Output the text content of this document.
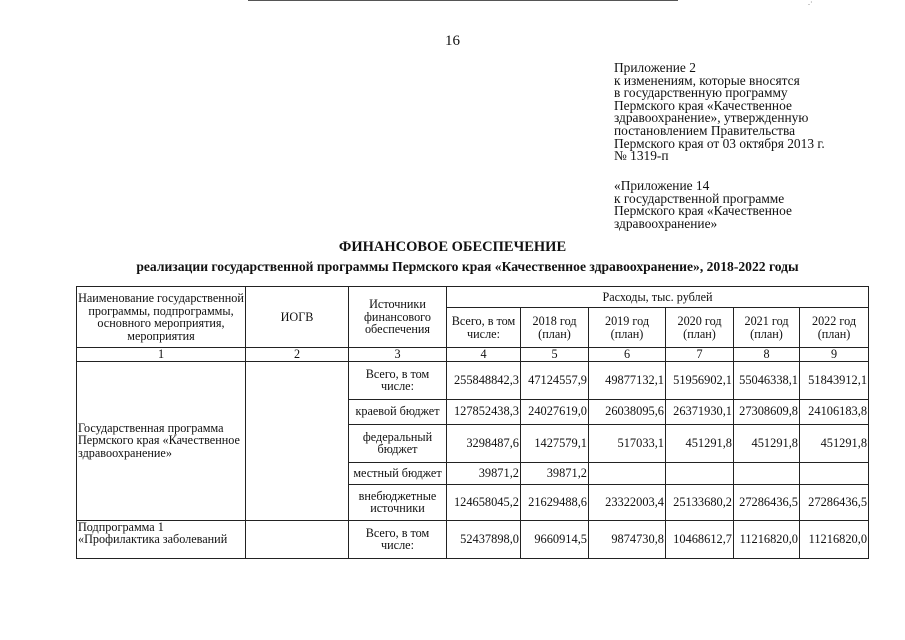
.·
16
Приложение 2
к изменениям, которые вносятся
в государственную программу
Пермского края «Качественное
здравоохранение», утвержденную
постановлением Правительства
Пермского края от 03 октября 2013 г.
№ 1319-п
«Приложение 14
к государственной программе
Пермского края «Качественное
здравоохранение»
ФИНАНСОВОЕ ОБЕСПЕЧЕНИЕ
реализации государственной программы Пермского края «Качественное здравоохранение», 2018-2022 годы
Наименование государственной программы, подпрограммы, основного мероприятия, мероприятия	ИОГВ	Источники финансового обеспечения	Расходы, тыс. рублей					
			Всего, в том числе:	2018 год (план)	2019 год (план)	2020 год (план)	2021 год (план)	2022 год (план)
1	2	3	4	5	6	7	8	9
Государственная программа Пермского края «Качественное здравоохранение»		Всего, в том числе:	255848842,3	47124557,9	49877132,1	51956902,1	55046338,1	51843912,1
		краевой бюджет	127852438,3	24027619,0	26038095,6	26371930,1	27308609,8	24106183,8
		федеральный бюджет	3298487,6	1427579,1	517033,1	451291,8	451291,8	451291,8
		местный бюджет	39871,2	39871,2				
		внебюджетные источники	124658045,2	21629488,6	23322003,4	25133680,2	27286436,5	27286436,5
Подпрограмма 1 «Профилактика заболеваний		Всего, в том числе:	52437898,0	9660914,5	9874730,8	10468612,7	11216820,0	11216820,0
